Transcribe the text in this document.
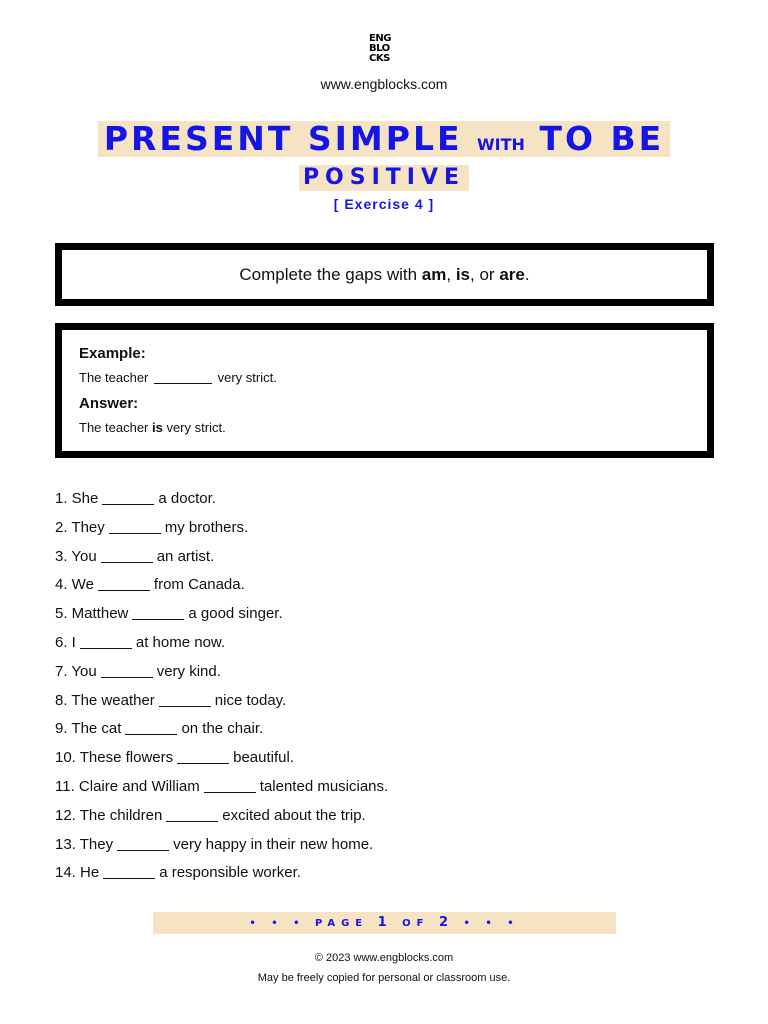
ENG
BLO
CKS
www.engblocks.com
PRESENT SIMPLE WITH TO BE
POSITIVE
[ Exercise 4 ]
Complete the gaps with am, is, or are.
Example:
The teacher	very strict.
Answer:
The teacher is very strict.
1. She	a doctor.
2. They	my brothers.
3. You	an artist.
4. We	from Canada.
5. Matthew	a good singer.
6. I	at home now.
7. You	very kind.
8. The weather	nice today.
9. The cat	on the chair.
10. These flowers	beautiful.
11. Claire and William	talented musicians.
12. The children	excited about the trip.
13. They	very happy in their new home.
14. He	a responsible worker.
• • • PAGE 1 OF 2 • • •
© 2023 www.engblocks.com
May be freely copied for personal or classroom use.
